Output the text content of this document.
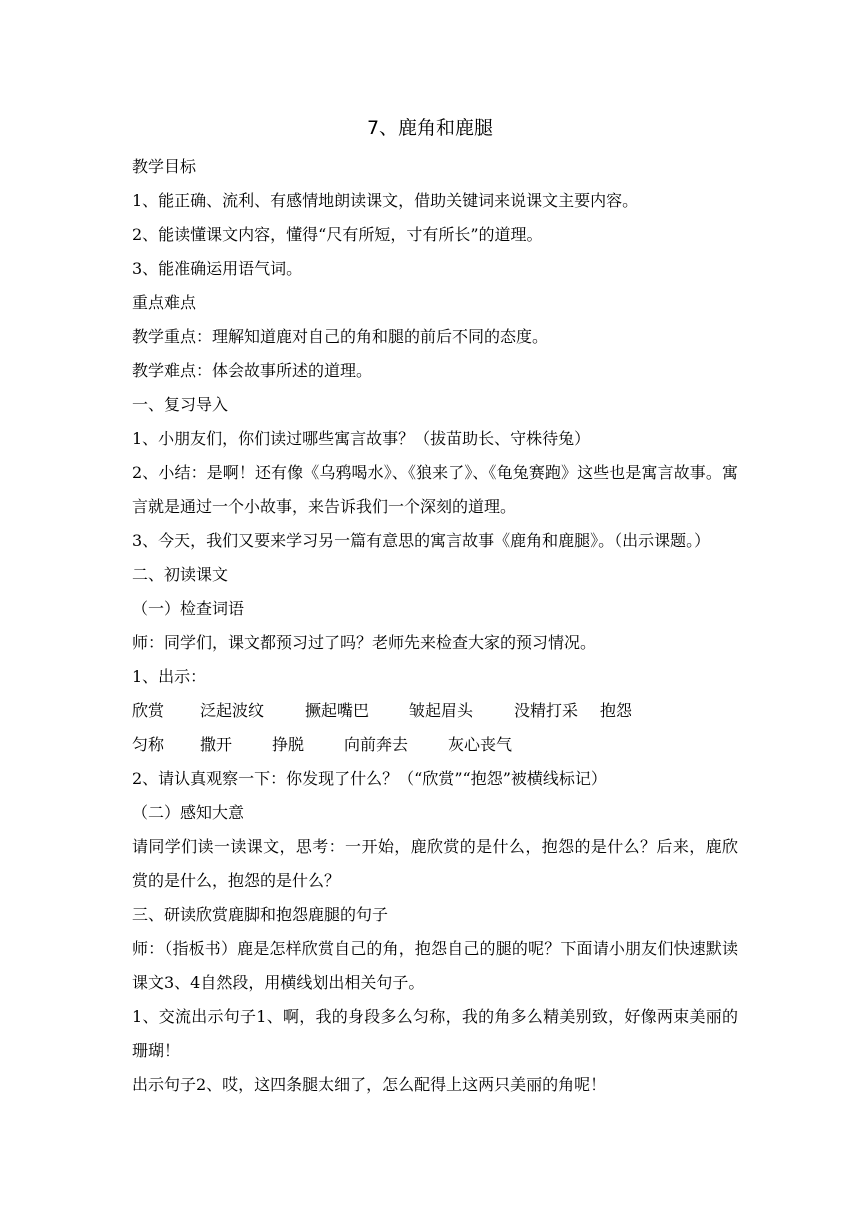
7、鹿角和鹿腿
教学目标
1、能正确、流利、有感情地朗读课文，借助关键词来说课文主要内容。
2、能读懂课文内容，懂得“尺有所短，寸有所长”的道理。
3、能准确运用语气词。
重点难点
教学重点：理解知道鹿对自己的角和腿的前后不同的态度。
教学难点：体会故事所述的道理。
一、复习导入
1、小朋友们，你们读过哪些寓言故事？（拔苗助长、守株待兔）
2、小结：是啊！还有像《乌鸦喝水》、《狼来了》、《龟兔赛跑》这些也是寓言故事。寓言就是通过一个小故事，来告诉我们一个深刻的道理。
3、今天，我们又要来学习另一篇有意思的寓言故事《鹿角和鹿腿》。（出示课题。）
二、初读课文
（一）检查词语
师：同学们，课文都预习过了吗？老师先来检查大家的预习情况。
1、出示：
欣赏	泛起波纹	撅起嘴巴	皱起眉头	没精打采	抱怨
匀称	撒开	挣脱	向前奔去	灰心丧气
2、请认真观察一下：你发现了什么？（“欣赏”“抱怨”被横线标记）
（二）感知大意
请同学们读一读课文，思考：一开始，鹿欣赏的是什么，抱怨的是什么？后来，鹿欣赏的是什么，抱怨的是什么？
三、研读欣赏鹿脚和抱怨鹿腿的句子
师：（指板书）鹿是怎样欣赏自己的角，抱怨自己的腿的呢？下面请小朋友们快速默读课文3、4自然段，用横线划出相关句子。
1、交流出示句子1、啊，我的身段多么匀称，我的角多么精美别致，好像两束美丽的珊瑚！
出示句子2、哎，这四条腿太细了，怎么配得上这两只美丽的角呢！
